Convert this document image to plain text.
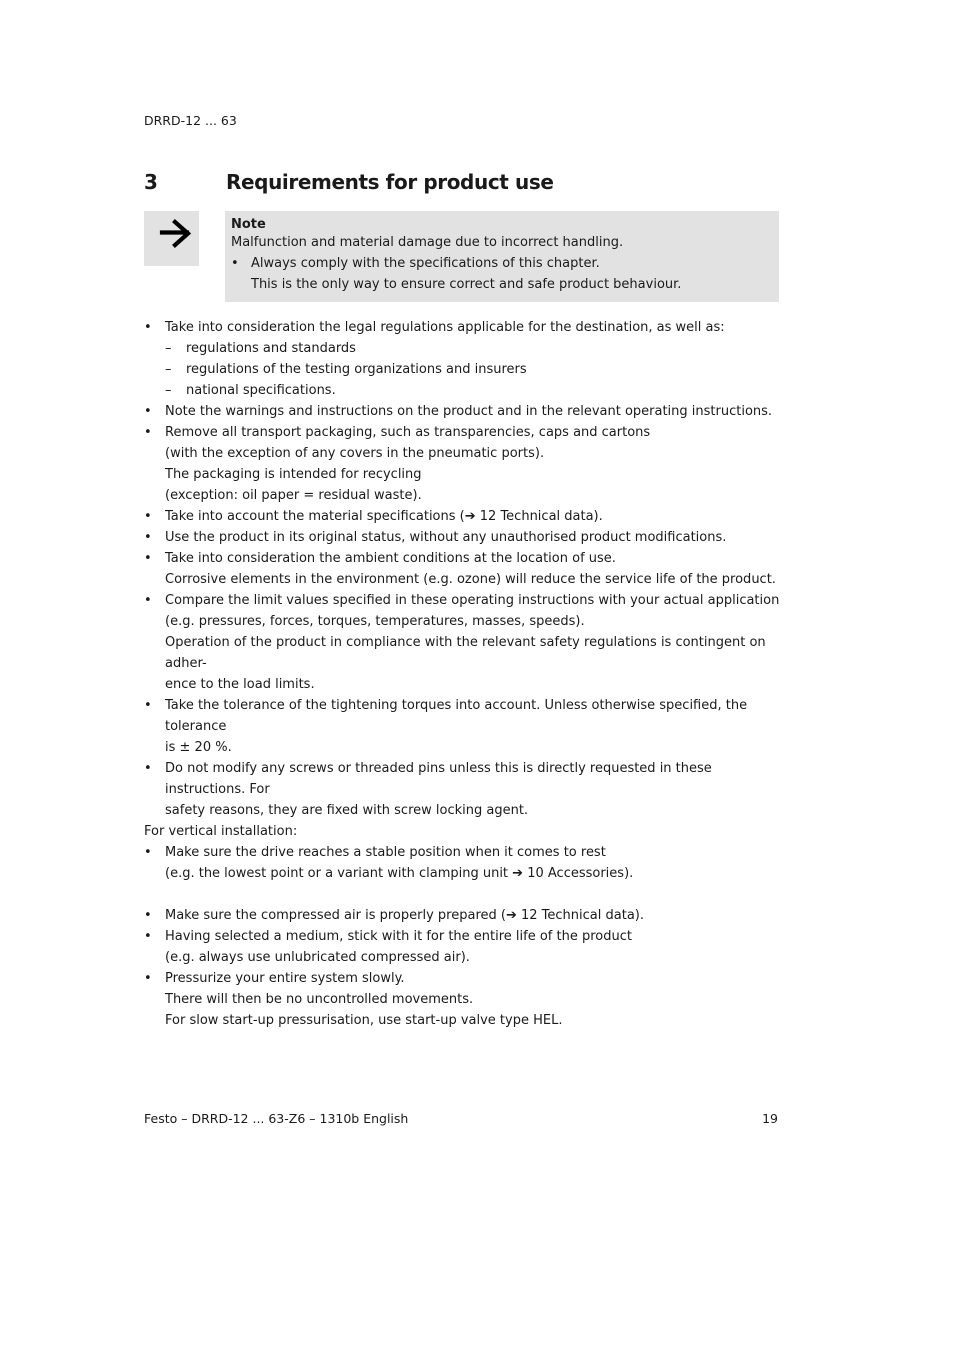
DRRD-12 ... 63
3	Requirements for product use
Note
Malfunction and material damage due to incorrect handling.
• Always comply with the specifications of this chapter.
This is the only way to ensure correct and safe product behaviour.
• Take into consideration the legal regulations applicable for the destination, as well as:
– regulations and standards
– regulations of the testing organizations and insurers
– national specifications.
• Note the warnings and instructions on the product and in the relevant operating instructions.
• Remove all transport packaging, such as transparencies, caps and cartons
(with the exception of any covers in the pneumatic ports).
The packaging is intended for recycling
(exception: oil paper = residual waste).
• Take into account the material specifications (➔ 12 Technical data).
• Use the product in its original status, without any unauthorised product modifications.
• Take into consideration the ambient conditions at the location of use.
Corrosive elements in the environment (e.g. ozone) will reduce the service life of the product.
• Compare the limit values specified in these operating instructions with your actual application
(e.g. pressures, forces, torques, temperatures, masses, speeds).
Operation of the product in compliance with the relevant safety regulations is contingent on adher-
ence to the load limits.
• Take the tolerance of the tightening torques into account. Unless otherwise specified, the tolerance
is ± 20 %.
• Do not modify any screws or threaded pins unless this is directly requested in these instructions. For
safety reasons, they are fixed with screw locking agent.
For vertical installation:
• Make sure the drive reaches a stable position when it comes to rest
(e.g. the lowest point or a variant with clamping unit ➔ 10 Accessories).
• Make sure the compressed air is properly prepared (➔ 12 Technical data).
• Having selected a medium, stick with it for the entire life of the product
(e.g. always use unlubricated compressed air).
• Pressurize your entire system slowly.
There will then be no uncontrolled movements.
For slow start-up pressurisation, use start-up valve type HEL.
Festo – DRRD-12 ... 63-Z6 – 1310b English	19
